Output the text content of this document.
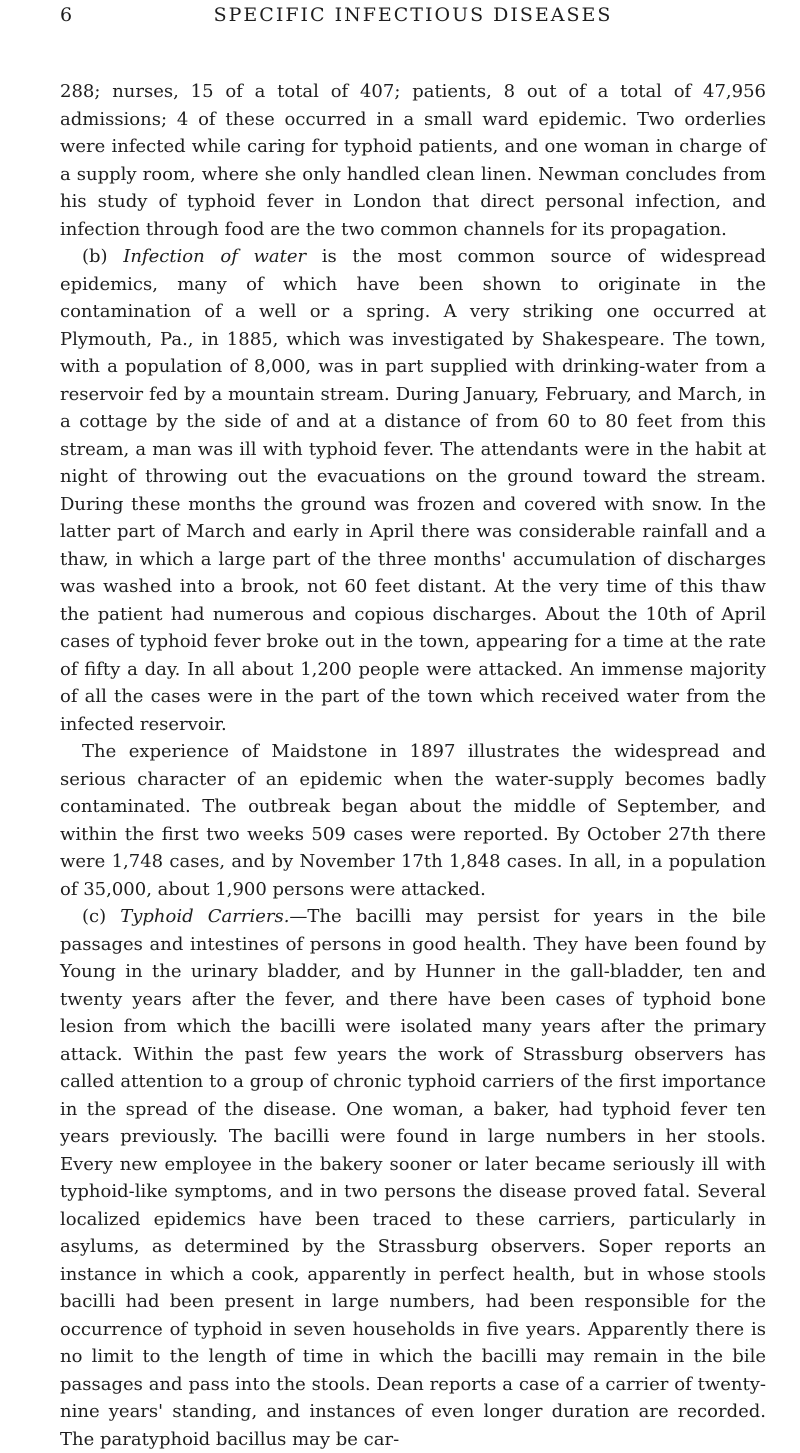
6	SPECIFIC INFECTIOUS DISEASES

288; nurses, 15 of a total of 407; patients, 8 out of a total of 47,956 admissions; 4 of these occurred in a small ward epidemic. Two orderlies were infected while caring for typhoid patients, and one woman in charge of a supply room, where she only handled clean linen. Newman concludes from his study of typhoid fever in London that direct personal infection, and infection through food are the two common channels for its propagation.

(b) Infection of water is the most common source of widespread epidemics, many of which have been shown to originate in the contamination of a well or a spring. A very striking one occurred at Plymouth, Pa., in 1885, which was investigated by Shakespeare. The town, with a population of 8,000, was in part supplied with drinking-water from a reservoir fed by a mountain stream. During January, February, and March, in a cottage by the side of and at a distance of from 60 to 80 feet from this stream, a man was ill with typhoid fever. The attendants were in the habit at night of throwing out the evacuations on the ground toward the stream. During these months the ground was frozen and covered with snow. In the latter part of March and early in April there was considerable rainfall and a thaw, in which a large part of the three months' accumulation of discharges was washed into a brook, not 60 feet distant. At the very time of this thaw the patient had numerous and copious discharges. About the 10th of April cases of typhoid fever broke out in the town, appearing for a time at the rate of fifty a day. In all about 1,200 people were attacked. An immense majority of all the cases were in the part of the town which received water from the infected reservoir.

The experience of Maidstone in 1897 illustrates the widespread and serious character of an epidemic when the water-supply becomes badly contaminated. The outbreak began about the middle of September, and within the first two weeks 509 cases were reported. By October 27th there were 1,748 cases, and by November 17th 1,848 cases. In all, in a population of 35,000, about 1,900 persons were attacked.

(c) Typhoid Carriers.—The bacilli may persist for years in the bile passages and intestines of persons in good health. They have been found by Young in the urinary bladder, and by Hunner in the gall-bladder, ten and twenty years after the fever, and there have been cases of typhoid bone lesion from which the bacilli were isolated many years after the primary attack. Within the past few years the work of Strassburg observers has called attention to a group of chronic typhoid carriers of the first importance in the spread of the disease. One woman, a baker, had typhoid fever ten years previously. The bacilli were found in large numbers in her stools. Every new employee in the bakery sooner or later became seriously ill with typhoid-like symptoms, and in two persons the disease proved fatal. Several localized epidemics have been traced to these carriers, particularly in asylums, as determined by the Strassburg observers. Soper reports an instance in which a cook, apparently in perfect health, but in whose stools bacilli had been present in large numbers, had been responsible for the occurrence of typhoid in seven households in five years. Apparently there is no limit to the length of time in which the bacilli may remain in the bile passages and pass into the stools. Dean reports a case of a carrier of twenty-nine years' standing, and instances of even longer duration are recorded. The paratyphoid bacillus may be car-
